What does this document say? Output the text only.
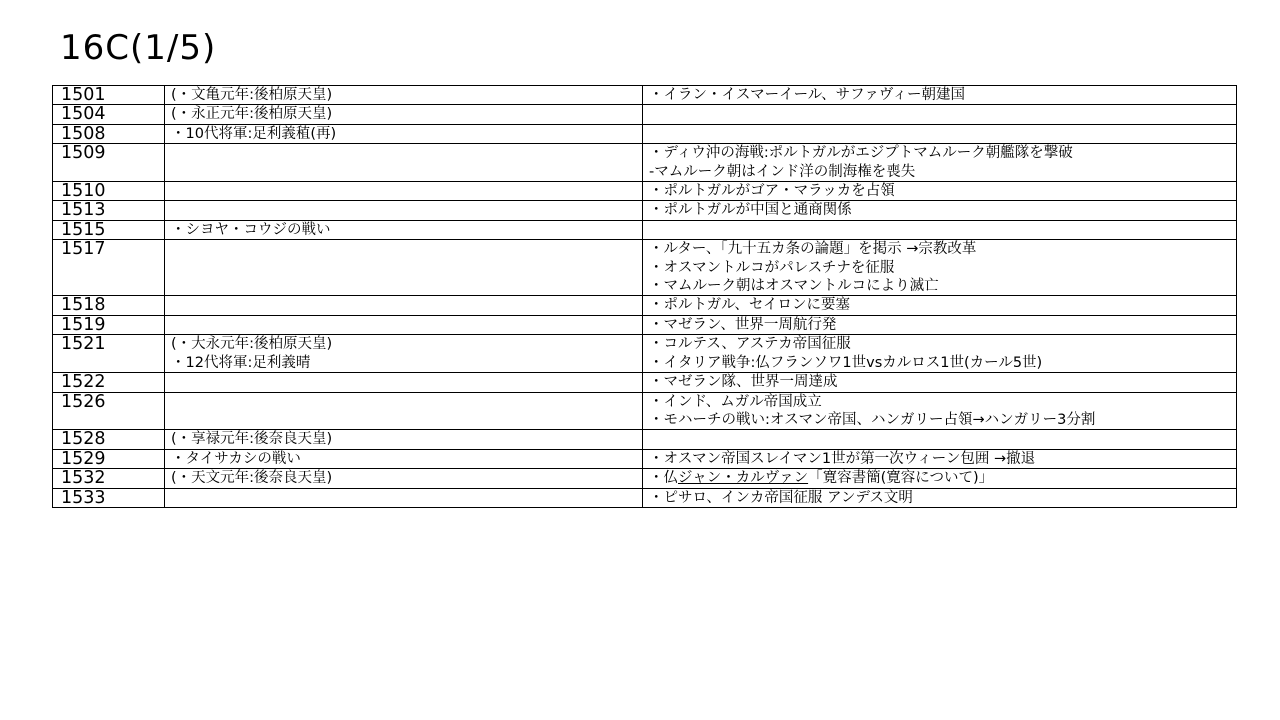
16C(1/5)
1501	(・文亀元年:後柏原天皇)	・イラン・イスマーイール、サファヴィー朝建国

1504	(・永正元年:後柏原天皇)	

1508	・10代将軍:足利義稙(再)	

1509		・ディウ沖の海戦:ポルトガルがエジプトマムルーク朝艦隊を撃破
-マムルーク朝はインド洋の制海権を喪失

1510		・ポルトガルがゴア・マラッカを占領

1513		・ポルトガルが中国と通商関係

1515	・シヨヤ・コウジの戦い	

1517		・ルター、「九十五カ条の論題」を掲示 →宗教改革
・オスマントルコがパレスチナを征服
・マムルーク朝はオスマントルコにより滅亡

1518		・ポルトガル、セイロンに要塞

1519		・マゼラン、世界一周航行発

1521	(・大永元年:後柏原天皇)
・12代将軍:足利義晴	・コルテス、アステカ帝国征服
・イタリア戦争:仏フランソワ1世vsカルロス1世(カール5世)

1522		・マゼラン隊、世界一周達成

1526		・インド、ムガル帝国成立
・モハーチの戦い:オスマン帝国、ハンガリー占領→ハンガリー3分割

1528	(・享禄元年:後奈良天皇)	

1529	・タイサカシの戦い	・オスマン帝国スレイマン1世が第一次ウィーン包囲 →撤退

1532	(・天文元年:後奈良天皇)	・仏ジャン・カルヴァン「寛容書簡(寛容について)」

1533		・ピサロ、インカ帝国征服 アンデス文明
